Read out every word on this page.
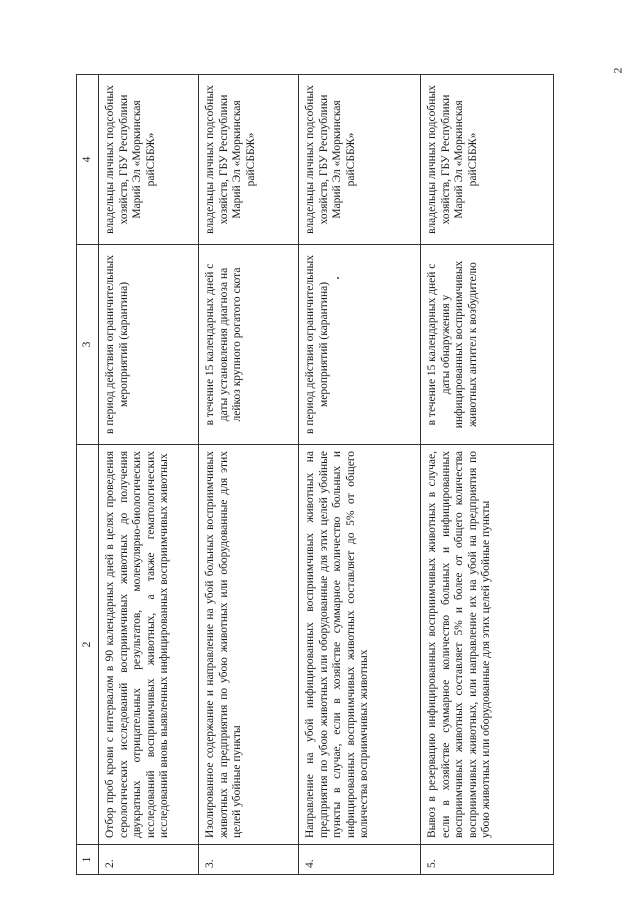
2
1	2	3	4
2.	Отбор проб крови с интервалом в 90 календарных дней в целях проведения серологических исследований восприимчивых животных до получения двукратных отрицательных результатов, молекулярно-биологических исследований восприимчивых животных, а также гематологических исследований вновь выявленных инфицированных восприимчивых животных	в период действия ограничительных мероприятий (карантина)	владельцы личных подсобных хозяйств, ГБУ Республики Марий Эл «Моркинская райСББЖ»
3.	Изолированное содержание и направление на убой больных восприимчивых животных на предприятия по убою животных или оборудованные для этих целей убойные пункты	в течение 15 календарных дней с даты установления диагноза на лейкоз крупного рогатого скота	владельцы личных подсобных хозяйств, ГБУ Республики Марий Эл «Моркинская райСББЖ»
4.	Направление на убой инфицированных восприимчивых животных на предприятия по убою животных или оборудованные для этих целей убойные пункты в случае, если в хозяйстве суммарное количество больных и инфицированных восприимчивых животных составляет до 5% от общего количества восприимчивых животных	в период действия ограничительных мероприятий (карантина)	владельцы личных подсобных хозяйств, ГБУ Республики Марий Эл «Моркинская райСББЖ»
5.	Вывоз в резервацию инфицированных восприимчивых животных в случае, если в хозяйстве суммарное количество больных и инфицированных восприимчивых животных составляет 5% и более от общего количества восприимчивых животных, или направление их на убой на предприятия по убою животных или оборудованные для этих целей убойные пункты	в течение 15 календарных дней с даты обнаружения у инфицированных восприимчивых животных антител к возбудителю	владельцы личных подсобных хозяйств, ГБУ Республики Марий Эл «Моркинская райСББЖ»
